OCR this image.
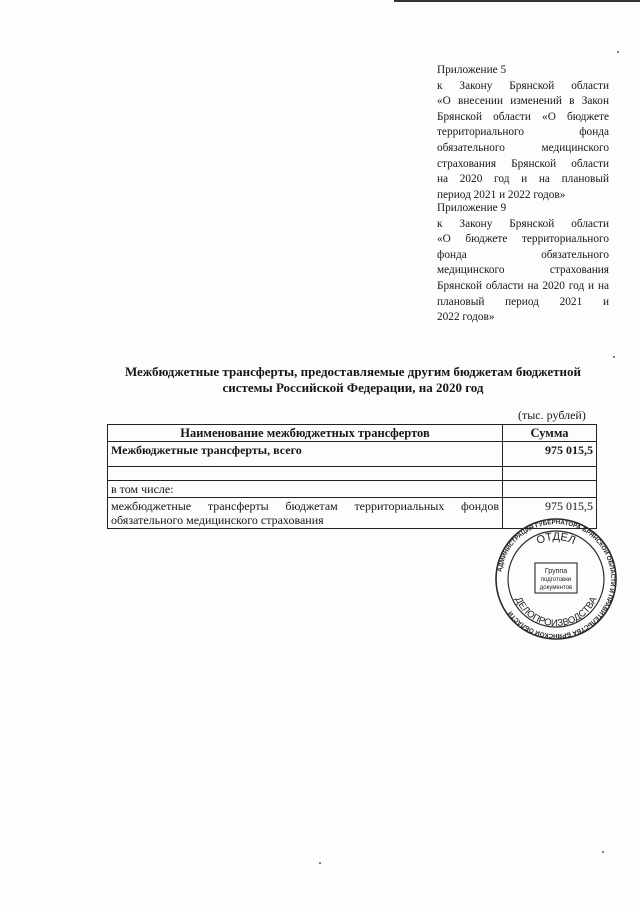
Приложение 5
к Закону Брянской области
«О внесении изменений в Закон
Брянской области «О бюджете
территориального фонда
обязательного медицинского
страхования Брянской области
на 2020 год и на плановый
период 2021 и 2022 годов»
Приложение 9
к Закону Брянской области
«О бюджете территориального
фонда обязательного
медицинского страхования
Брянской области на 2020 год и на
плановый период 2021 и
2022 годов»
Межбюджетные трансферты, предоставляемые другим бюджетам бюджетной
системы Российской Федерации, на 2020 год
(тыс. рублей)
Наименование межбюджетных трансфертов	Сумма
Межбюджетные трансферты, всего	975 015,5

в том числе:	

межбюджетные трансферты бюджетам территориальных фондов
обязательного медицинского страхования	975 015,5
АДМИНИСТРАЦИЯ ГУБЕРНАТОРА БРЯНСКОЙ ОБЛАСТИ И ПРАВИТЕЛЬСТВА БРЯНСКОЙ ОБЛАСТИ
ОТДЕЛ
ДЕЛОПРОИЗВОДСТВА
Группа
подготовки
документов
